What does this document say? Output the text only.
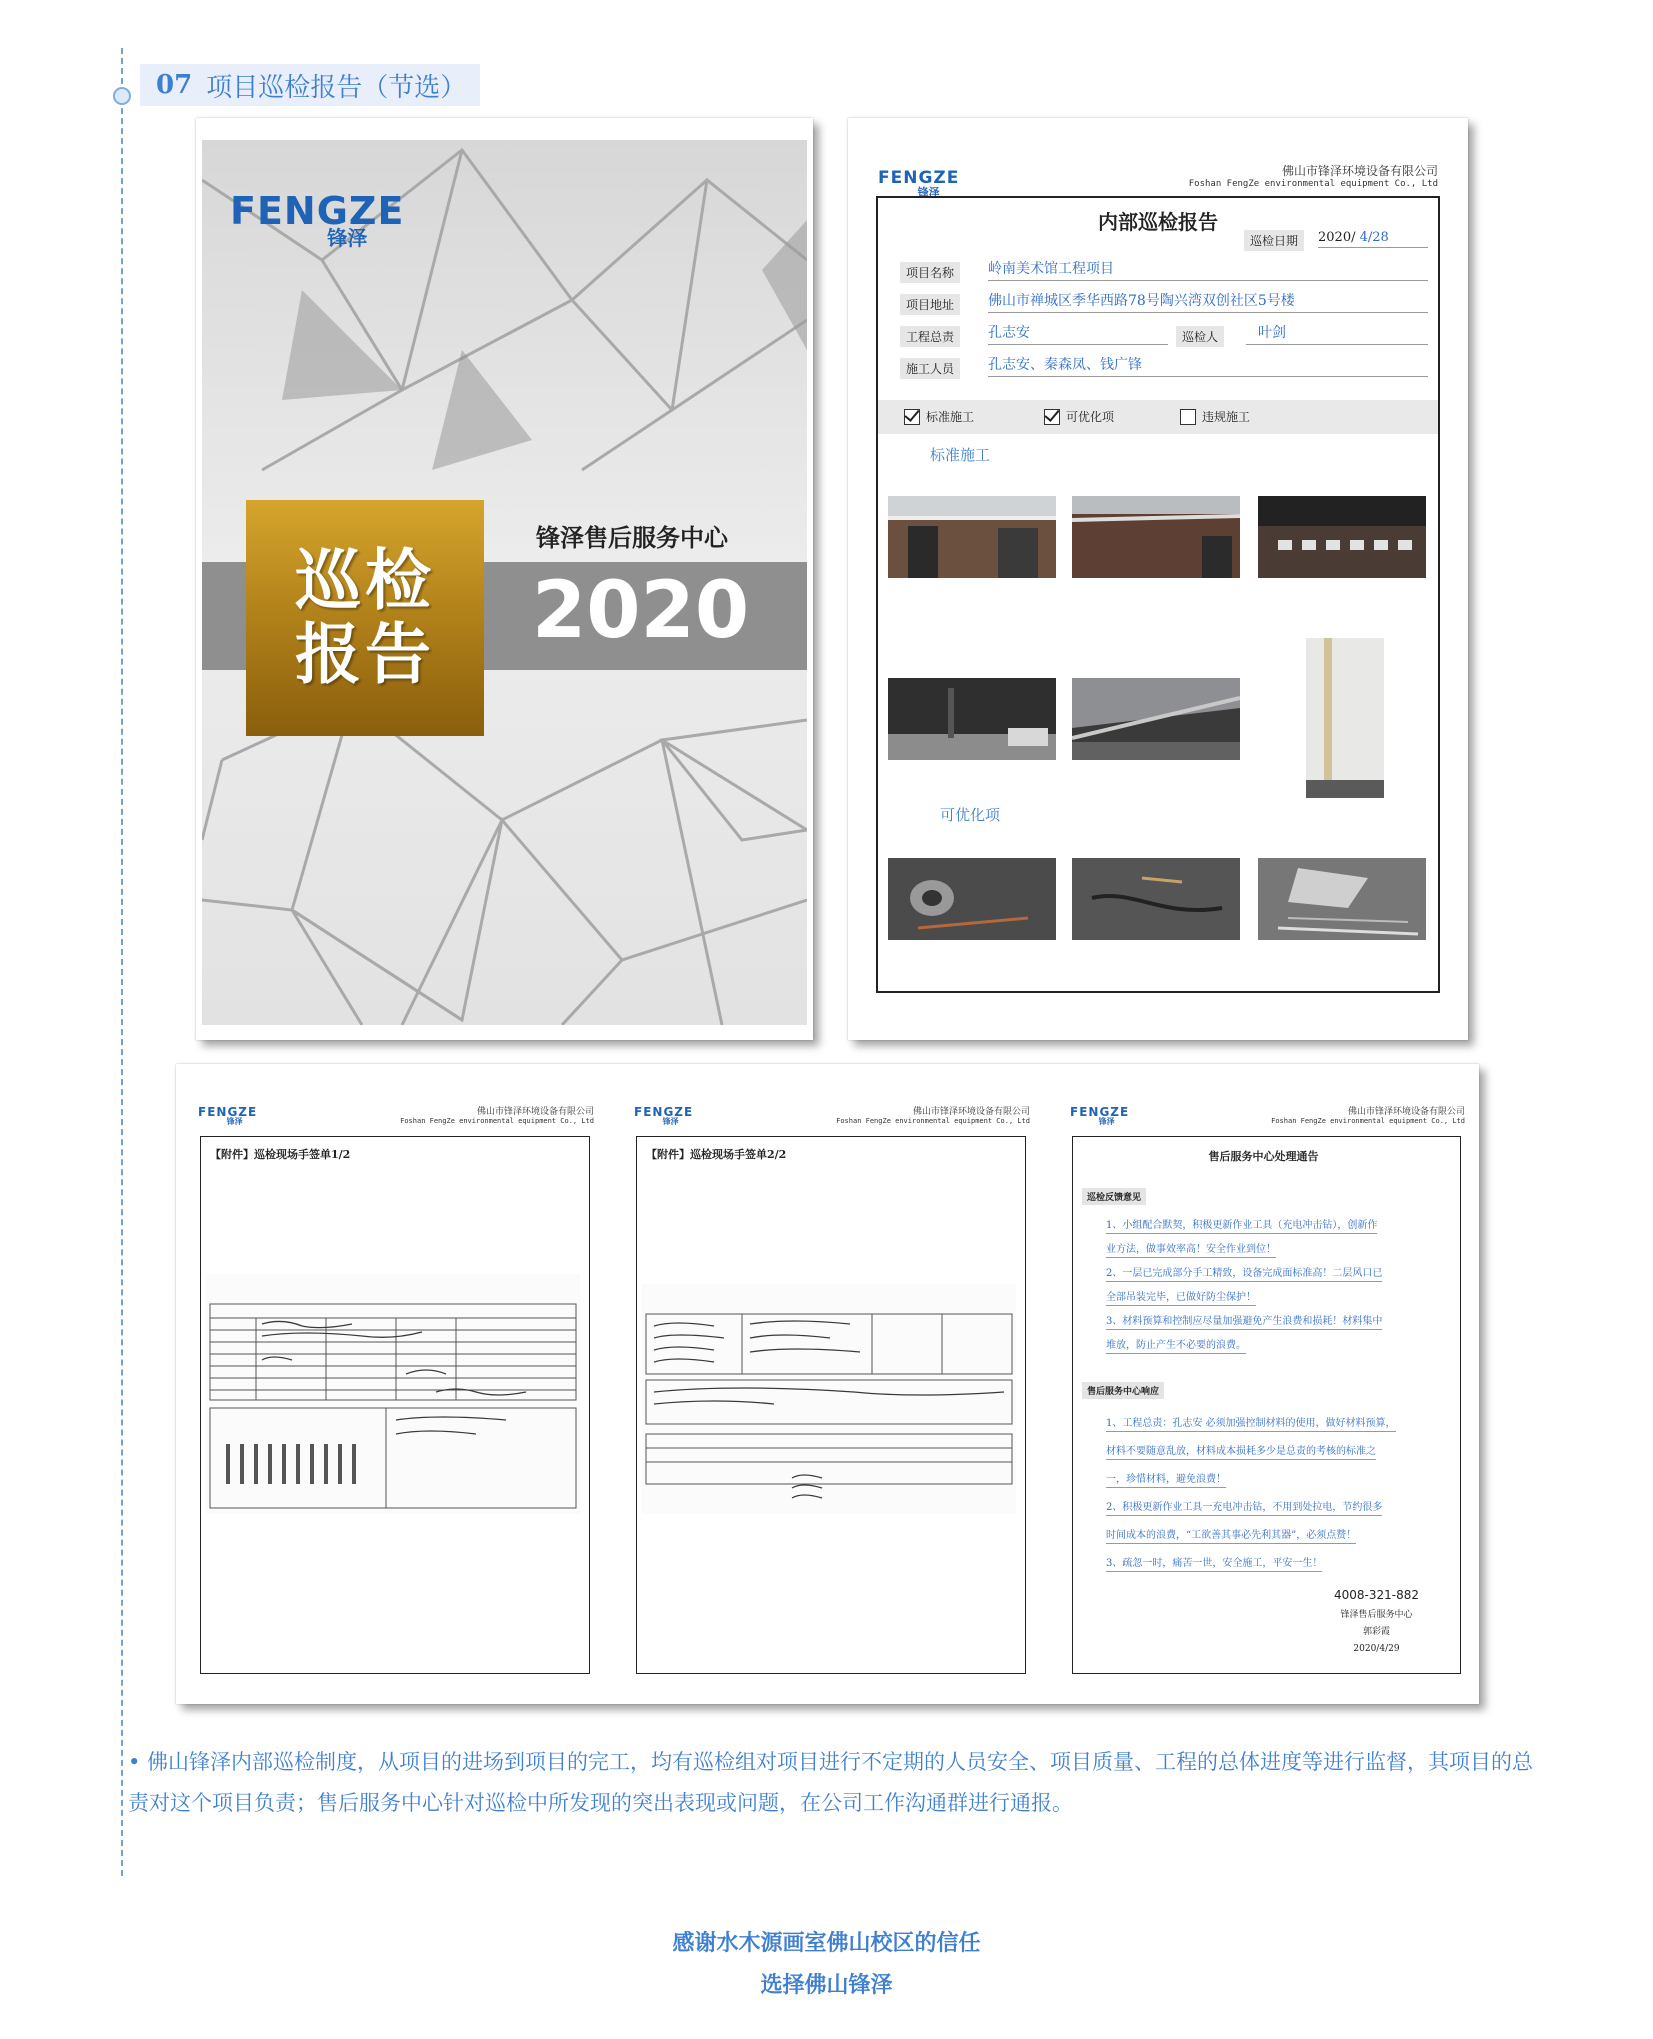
07 项目巡检报告（节选）
FENGZE
锋泽
巡检
报告
锋泽售后服务中心
2020
FENGZE
锋泽
佛山市锋泽环境设备有限公司
Foshan FengZe environmental equipment Co., Ltd
内部巡检报告
巡检日期	2020/ 4/28
项目名称	岭南美术馆工程项目
项目地址	佛山市禅城区季华西路78号陶兴湾双创社区5号楼
工程总责	孔志安	巡检人	叶剑
施工人员	孔志安、秦森凤、钱广锋
标准施工	可优化项	违规施工
标准施工
可优化项
FENGZE
锋泽
佛山市锋泽环境设备有限公司
Foshan FengZe environmental equipment Co., Ltd
【附件】巡检现场手签单1/2
FENGZE
锋泽
佛山市锋泽环境设备有限公司
Foshan FengZe environmental equipment Co., Ltd
【附件】巡检现场手签单2/2
FENGZE
锋泽
佛山市锋泽环境设备有限公司
Foshan FengZe environmental equipment Co., Ltd
售后服务中心处理通告
巡检反馈意见
1、小组配合默契，积极更新作业工具（充电冲击钻），创新作
业方法，做事效率高！安全作业到位！
2、一层已完成部分手工精致，设备完成面标准高！二层风口已
全部吊装完毕，已做好防尘保护！
3、材料预算和控制应尽量加强避免产生浪费和损耗！材料集中
堆放，防止产生不必要的浪费。
售后服务中心响应
1、工程总责：孔志安 必须加强控制材料的使用，做好材料预算，
材料不要随意乱放，材料成本损耗多少是总责的考核的标准之
一，珍惜材料，避免浪费！
2、积极更新作业工具一充电冲击钻，不用到处拉电，节约很多
时间成本的浪费，“工欲善其事必先利其器”，必须点赞！
3、疏忽一时，痛苦一世，安全施工，平安一生！
4008-321-882
锋泽售后服务中心
郭彩霞
2020/4/29
• 佛山锋泽内部巡检制度，从项目的进场到项目的完工，均有巡检组对项目进行不定期的人员安全、项目质量、工程的总体进度等进行监督，其项目的总责对这个项目负责；售后服务中心针对巡检中所发现的突出表现或问题，在公司工作沟通群进行通报。
感谢水木源画室佛山校区的信任
选择佛山锋泽
